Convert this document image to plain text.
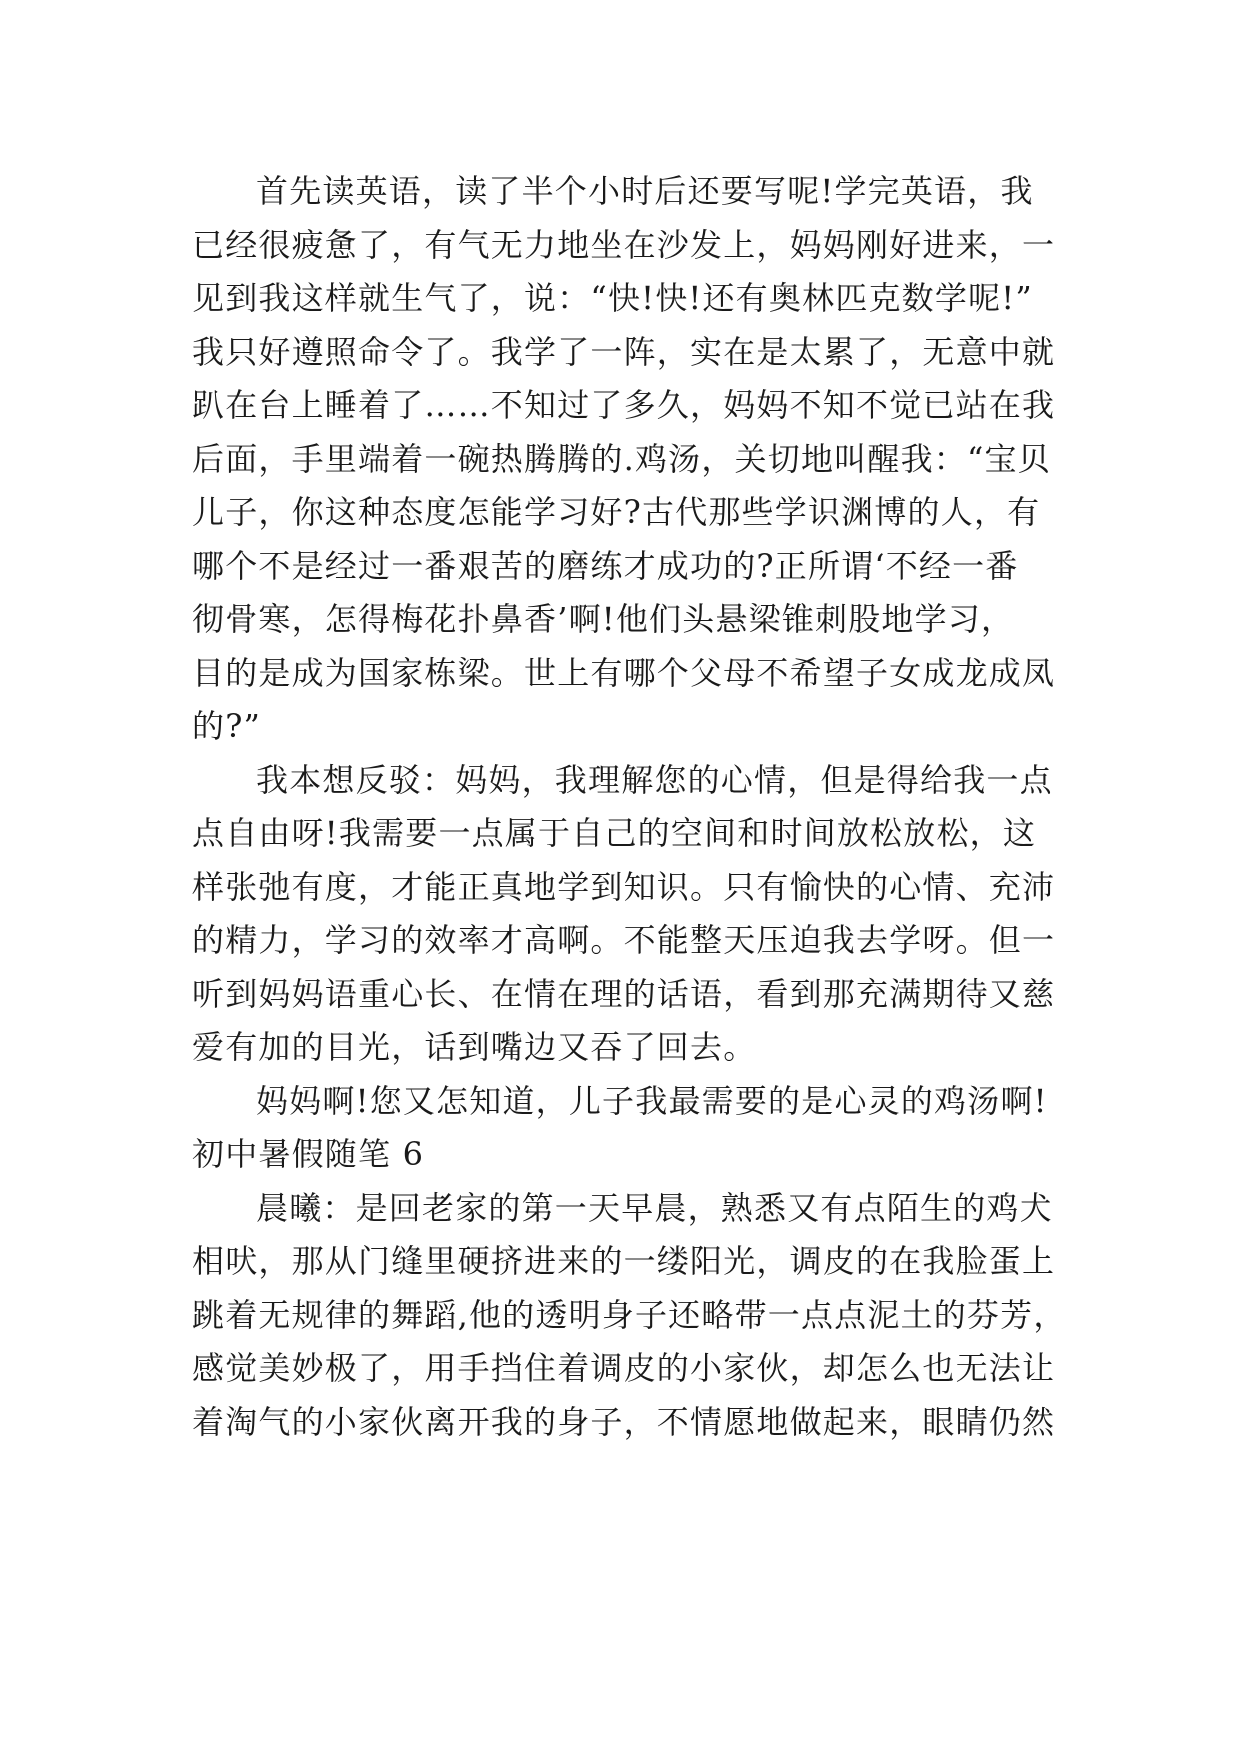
首先读英语，读了半个小时后还要写呢!学完英语，我
已经很疲惫了，有气无力地坐在沙发上，妈妈刚好进来，一
见到我这样就生气了，说：“快!快!还有奥林匹克数学呢!”
我只好遵照命令了。我学了一阵，实在是太累了，无意中就
趴在台上睡着了……不知过了多久，妈妈不知不觉已站在我
后面，手里端着一碗热腾腾的.鸡汤，关切地叫醒我：“宝贝
儿子，你这种态度怎能学习好?古代那些学识渊博的人，有
哪个不是经过一番艰苦的磨练才成功的?正所谓‘不经一番
彻骨寒，怎得梅花扑鼻香’啊!他们头悬梁锥刺股地学习，
目的是成为国家栋梁。世上有哪个父母不希望子女成龙成凤
的?”
我本想反驳：妈妈，我理解您的心情，但是得给我一点
点自由呀!我需要一点属于自己的空间和时间放松放松，这
样张弛有度，才能正真地学到知识。只有愉快的心情、充沛
的精力，学习的效率才高啊。不能整天压迫我去学呀。但一
听到妈妈语重心长、在情在理的话语，看到那充满期待又慈
爱有加的目光，话到嘴边又吞了回去。
妈妈啊!您又怎知道，儿子我最需要的是心灵的鸡汤啊!
初中暑假随笔 6
晨曦：是回老家的第一天早晨，熟悉又有点陌生的鸡犬
相吠，那从门缝里硬挤进来的一缕阳光，调皮的在我脸蛋上
跳着无规律的舞蹈,他的透明身子还略带一点点泥土的芬芳，
感觉美妙极了，用手挡住着调皮的小家伙，却怎么也无法让
着淘气的小家伙离开我的身子，不情愿地做起来，眼睛仍然
